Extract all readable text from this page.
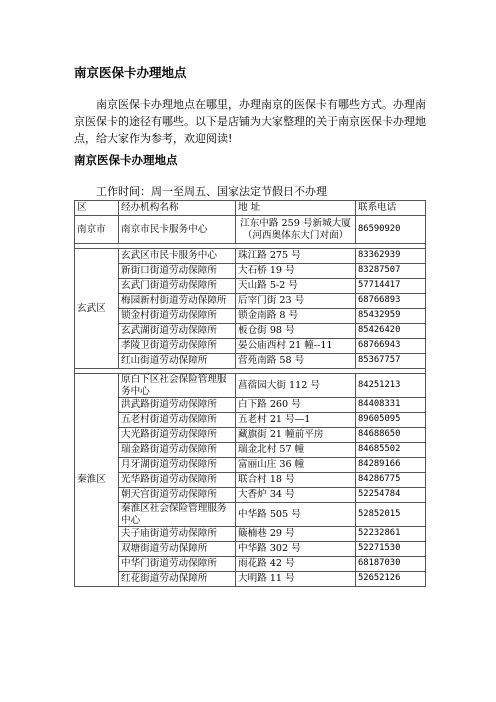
南京医保卡办理地点
南京医保卡办理地点在哪里，办理南京的医保卡有哪些方式。办理南京医保卡的途径有哪些。以下是店铺为大家整理的关于南京医保卡办理地点，给大家作为参考，欢迎阅读!
南京医保卡办理地点
工作时间：周一至周五、国家法定节假日不办理
区	经办机构名称	地 址	联系电话
南京市	南京市民卡服务中心	江东中路 259 号新城大厦（河西奥体东大门对面）	86590920

玄武区	玄武区市民卡服务中心	珠江路 275 号	83362939
	新街口街道劳动保障所	大石桥 19 号	83287507
	玄武门街道劳动保障所	天山路 5-2 号	57714417
	梅园新村街道劳动保障所	后宰门街 23 号	68766893
	锁金村街道劳动保障所	锁金南路 8 号	85432959
	玄武湖街道劳动保障所	板仓街 98 号	85426420
	孝陵卫街道劳动保障所	晏公庙西村 21 幢--11	68766943
	红山街道劳动保障所	营苑南路 58 号	85367757

秦淮区	原白下区社会保险管理服务中心	菖蓿园大街 112 号	84251213
	洪武路街道劳动保障所	白下路 260 号	84408331
	五老村街道劳动保障所	五老村 21 号—1	89605095
	大光路街道劳动保障所	藏旗街 21 幢前平房	84688650
	瑞金路街道劳动保障所	瑞金北村 57 幢	84685502
	月牙湖街道劳动保障所	富丽山庄 36 幢	84289166
	光华路街道劳动保障所	联合村 18 号	84286775
	朝天宫街道劳动保障所	大香炉 34 号	52254784
	秦淮区社会保险管理服务中心	中华路 505 号	52852015
	夫子庙街道劳动保障所	簸楠巷 29 号	52232861
	双塘街道劳动保障所	中华路 302 号	52271530
	中华门街道劳动保障所	雨花路 42 号	68187030
	红花街道劳动保障所	大明路 11 号	52652126
